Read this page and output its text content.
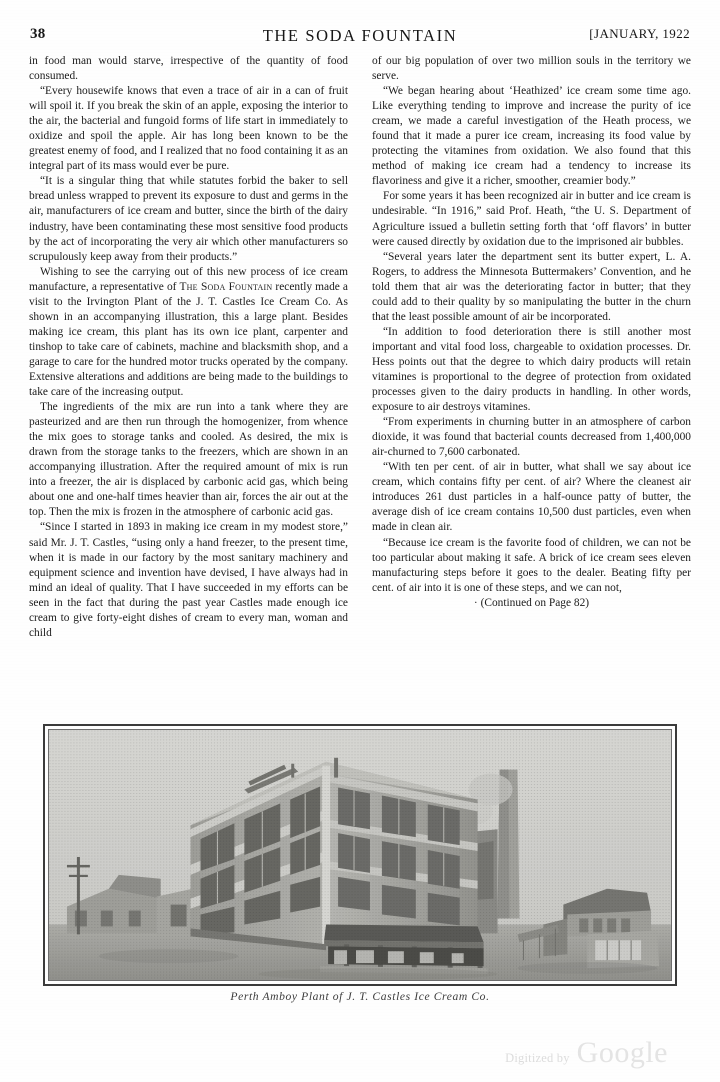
38	THE SODA FOUNTAIN	[JANUARY, 1922

in food man would starve, irrespective of the quantity of food consumed.

“Every housewife knows that even a trace of air in a can of fruit will spoil it. If you break the skin of an apple, exposing the interior to the air, the bacterial and fungoid forms of life start in immediately to oxidize and spoil the apple. Air has long been known to be the greatest enemy of food, and I realized that no food containing it as an integral part of its mass would ever be pure.

“It is a singular thing that while statutes forbid the baker to sell bread unless wrapped to prevent its exposure to dust and germs in the air, manufacturers of ice cream and butter, since the birth of the dairy industry, have been contaminating these most sensitive food products by the act of incorporating the very air which other manufacturers so scrupulously keep away from their products.”

Wishing to see the carrying out of this new process of ice cream manufacture, a representative of The Soda Fountain recently made a visit to the Irvington Plant of the J. T. Castles Ice Cream Co. As shown in an accompanying illustration, this a large plant. Besides making ice cream, this plant has its own ice plant, carpenter and tinshop to take care of cabinets, machine and blacksmith shop, and a garage to care for the hundred motor trucks operated by the company. Extensive alterations and additions are being made to the buildings to take care of the increasing output.

The ingredients of the mix are run into a tank where they are pasteurized and are then run through the homogenizer, from whence the mix goes to storage tanks and cooled. As desired, the mix is drawn from the storage tanks to the freezers, which are shown in an accompanying illustration. After the required amount of mix is run into a freezer, the air is displaced by carbonic acid gas, which being about one and one-half times heavier than air, forces the air out at the top. Then the mix is frozen in the atmosphere of carbonic acid gas.

“Since I started in 1893 in making ice cream in my modest store,” said Mr. J. T. Castles, “using only a hand freezer, to the present time, when it is made in our factory by the most sanitary machinery and equipment science and invention have devised, I have always had in mind an ideal of quality. That I have succeeded in my efforts can be seen in the fact that during the past year Castles made enough ice cream to give forty-eight dishes of cream to every man, woman and child

of our big population of over two million souls in the territory we serve.

“We began hearing about ‘Heathized’ ice cream some time ago. Like everything tending to improve and increase the purity of ice cream, we made a careful investigation of the Heath process, we found that it made a purer ice cream, increasing its food value by protecting the vitamines from oxidation. We also found that this method of making ice cream had a tendency to increase its flavoriness and give it a richer, smoother, creamier body.”

For some years it has been recognized air in butter and ice cream is undesirable. “In 1916,” said Prof. Heath, “the U. S. Department of Agriculture issued a bulletin setting forth that ‘off flavors’ in butter were caused directly by oxidation due to the imprisoned air bubbles.

“Several years later the department sent its butter expert, L. A. Rogers, to address the Minnesota Buttermakers’ Convention, and he told them that air was the deteriorating factor in butter; that they could add to their quality by so manipulating the butter in the churn that the least possible amount of air be incorporated.

“In addition to food deterioration there is still another most important and vital food loss, chargeable to oxidation processes. Dr. Hess points out that the degree to which dairy products will retain vitamines is proportional to the degree of protection from oxidated processes given to the dairy products in handling. In other words, exposure to air destroys vitamines.

“From experiments in churning butter in an atmosphere of carbon dioxide, it was found that bacterial counts decreased from 1,400,000 air-churned to 7,600 carbonated.

“With ten per cent. of air in butter, what shall we say about ice cream, which contains fifty per cent. of air? Where the cleanest air introduces 261 dust particles in a half-ounce patty of butter, the average dish of ice cream contains 10,500 dust particles, even when made in clean air.

“Because ice cream is the favorite food of children, we can not be too particular about making it safe. A brick of ice cream sees eleven manufacturing steps before it goes to the dealer. Beating fifty per cent. of air into it is one of these steps, and we can not,

· (Continued on Page 82)

Perth Amboy Plant of J. T. Castles Ice Cream Co.
Digitized by Google
